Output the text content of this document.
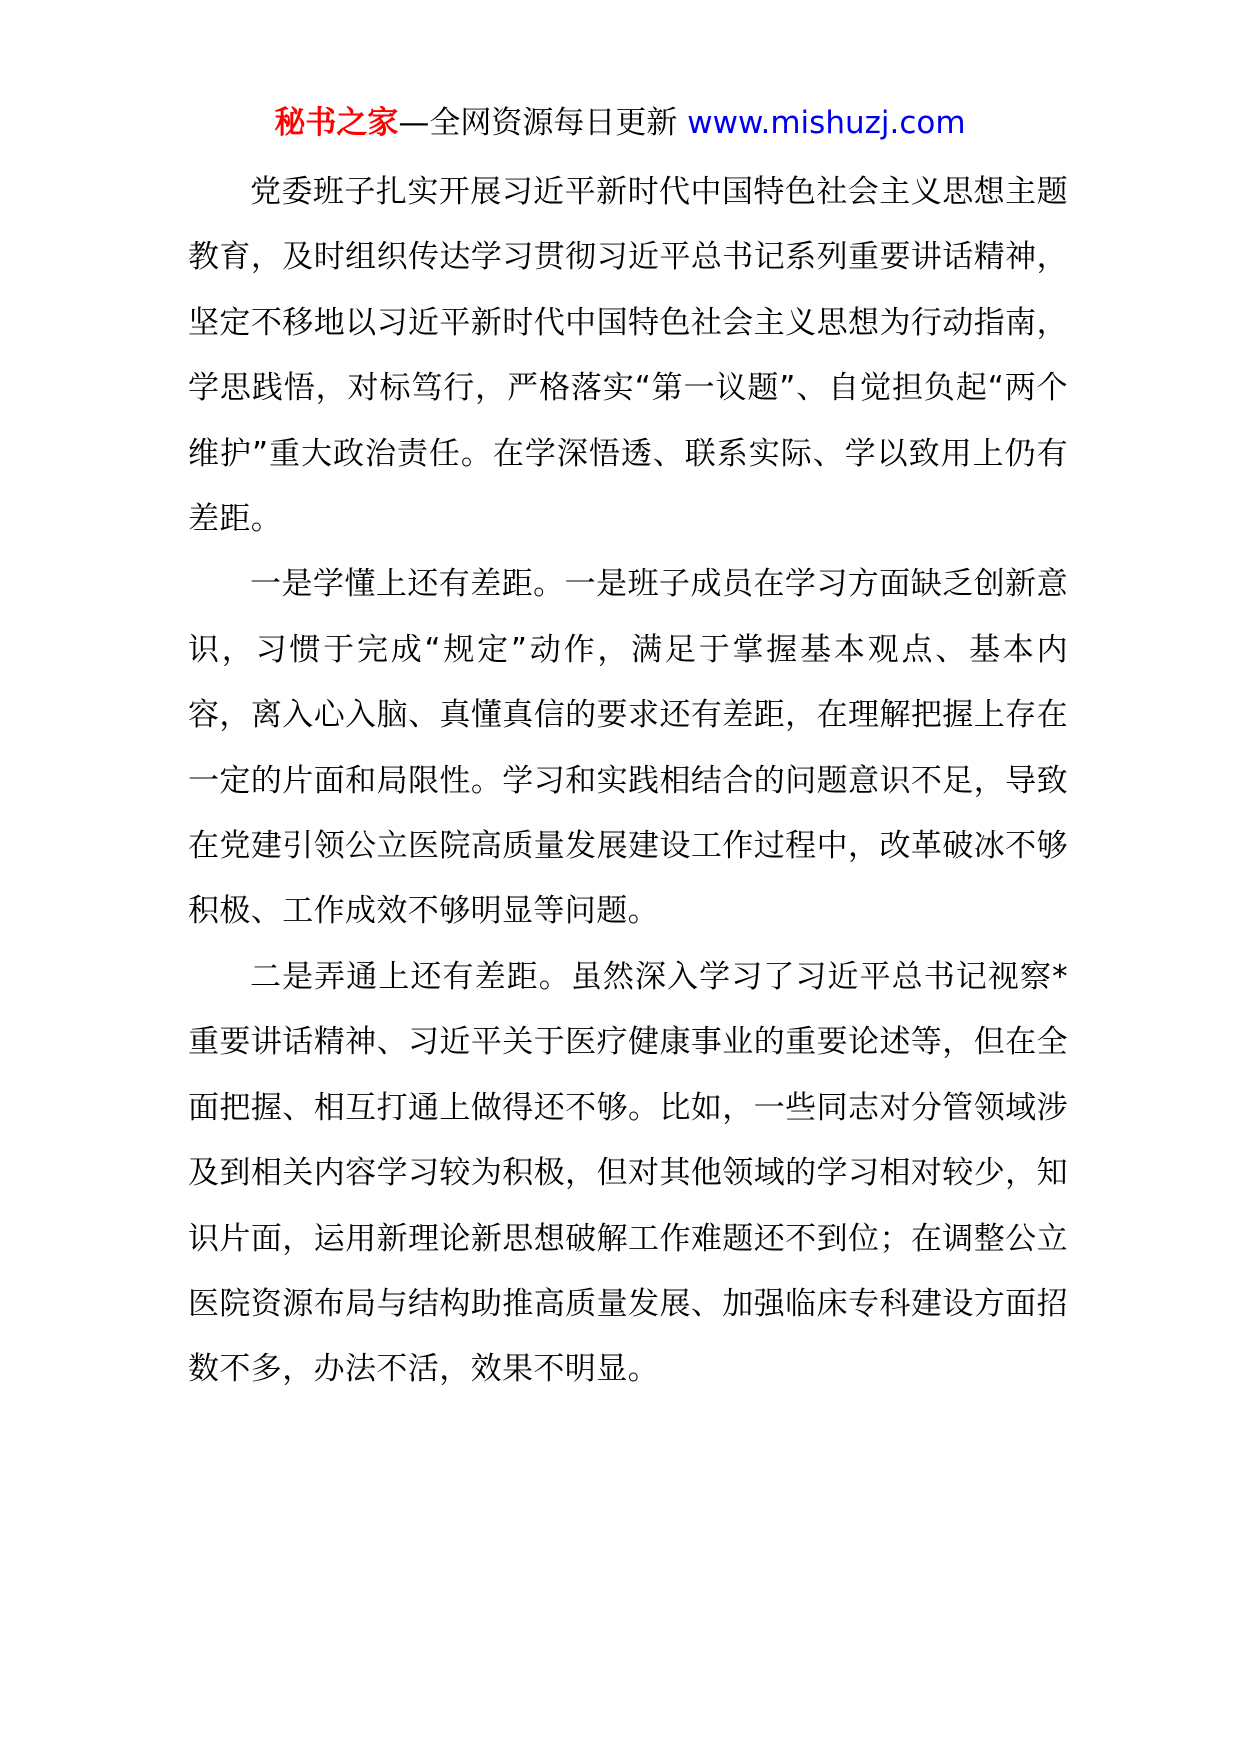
秘书之家—全网资源每日更新 www.mishuzj.com

党委班子扎实开展习近平新时代中国特色社会主义思想主题教育，及时组织传达学习贯彻习近平总书记系列重要讲话精神，坚定不移地以习近平新时代中国特色社会主义思想为行动指南，学思践悟，对标笃行，严格落实“第一议题”、自觉担负起“两个维护”重大政治责任。在学深悟透、联系实际、学以致用上仍有差距。

一是学懂上还有差距。一是班子成员在学习方面缺乏创新意识，习惯于完成“规定”动作，满足于掌握基本观点、基本内容，离入心入脑、真懂真信的要求还有差距，在理解把握上存在一定的片面和局限性。学习和实践相结合的问题意识不足，导致在党建引领公立医院高质量发展建设工作过程中，改革破冰不够积极、工作成效不够明显等问题。

二是弄通上还有差距。虽然深入学习了习近平总书记视察*重要讲话精神、习近平关于医疗健康事业的重要论述等，但在全面把握、相互打通上做得还不够。比如，一些同志对分管领域涉及到相关内容学习较为积极，但对其他领域的学习相对较少，知识片面，运用新理论新思想破解工作难题还不到位；在调整公立医院资源布局与结构助推高质量发展、加强临床专科建设方面招数不多，办法不活，效果不明显。
